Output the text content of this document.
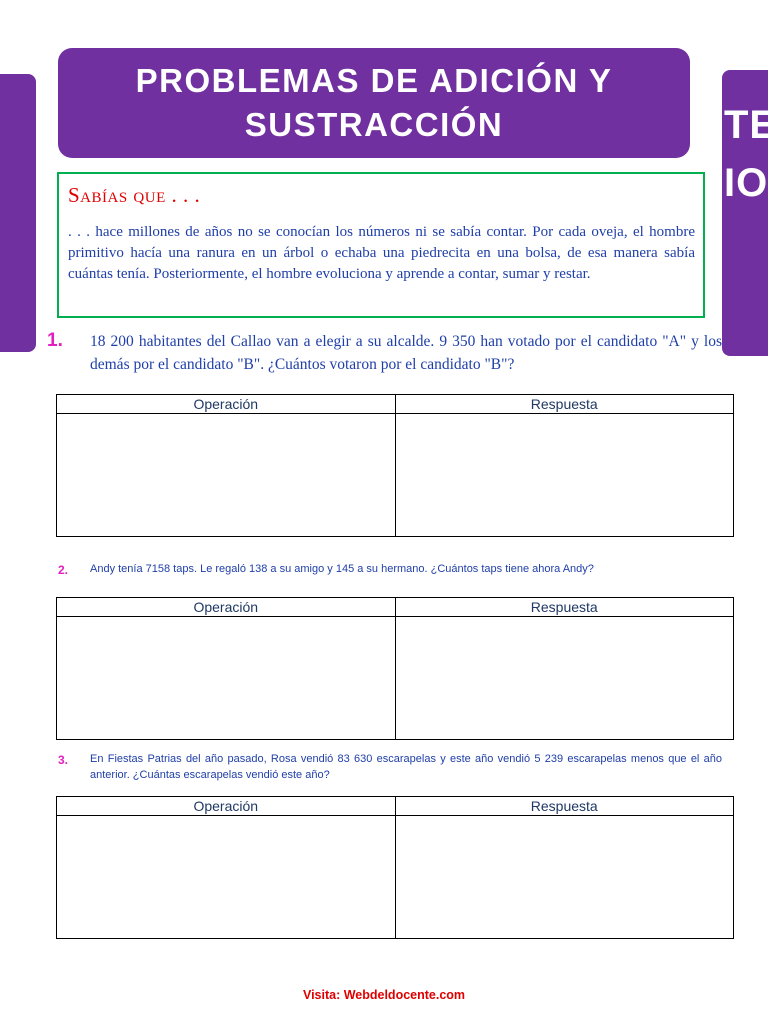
TE
IO
PROBLEMAS DE ADICIÓN Y
SUSTRACCIÓN
Sabías que . . .

. . . hace millones de años no se conocían los números ni se sabía contar. Por cada oveja, el hombre primitivo hacía una ranura en un árbol o echaba una piedrecita en una bolsa, de esa manera sabía cuántas tenía. Posteriormente, el hombre evoluciona y aprende a contar, sumar y restar.

1. 18 200 habitantes del Callao van a elegir a su alcalde. 9 350 han votado por el candidato "A" y los demás por el candidato "B". ¿Cuántos votaron por el candidato "B"?

Operación	Respuesta

2. Andy tenía 7158 taps. Le regaló 138 a su amigo y 145 a su hermano. ¿Cuántos taps tiene ahora Andy?

Operación	Respuesta

3. En Fiestas Patrias del año pasado, Rosa vendió 83 630 escarapelas y este año vendió 5 239 escarapelas menos que el año anterior. ¿Cuántas escarapelas vendió este año?

Operación	Respuesta

Visita: Webdeldocente.com
